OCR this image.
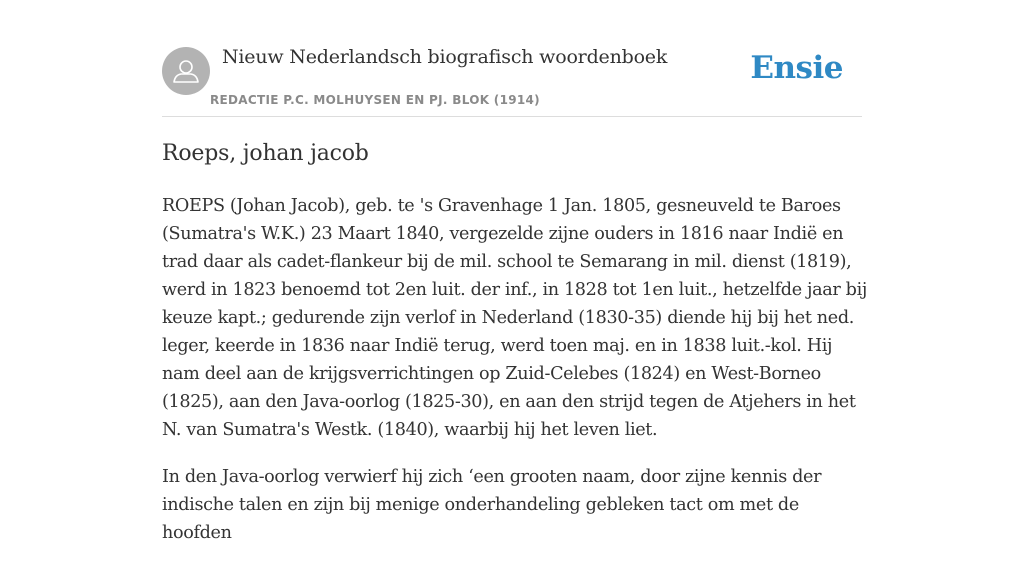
Nieuw Nederlandsch biografisch woordenboek
REDACTIE P.C. MOLHUYSEN EN PJ. BLOK (1914)
Ensie
Roeps, johan jacob

ROEPS (Johan Jacob), geb. te 's Gravenhage 1 Jan. 1805, gesneuveld te Baroes (Sumatra's W.K.) 23 Maart 1840, vergezelde zijne ouders in 1816 naar Indië en trad daar als cadet-flankeur bij de mil. school te Semarang in mil. dienst (1819), werd in 1823 benoemd tot 2en luit. der inf., in 1828 tot 1en luit., hetzelfde jaar bij keuze kapt.; gedurende zijn verlof in Nederland (1830-35) diende hij bij het ned. leger, keerde in 1836 naar Indië terug, werd toen maj. en in 1838 luit.-kol. Hij nam deel aan de krijgsverrichtingen op Zuid-Celebes (1824) en West-Borneo (1825), aan den Java-oorlog (1825-30), en aan den strijd tegen de Atjehers in het N. van Sumatra's Westk. (1840), waarbij hij het leven liet.

In den Java-oorlog verwierf hij zich ‘een grooten naam, door zijne kennis der indische talen en zijn bij menige onderhandeling gebleken tact om met de hoofden
